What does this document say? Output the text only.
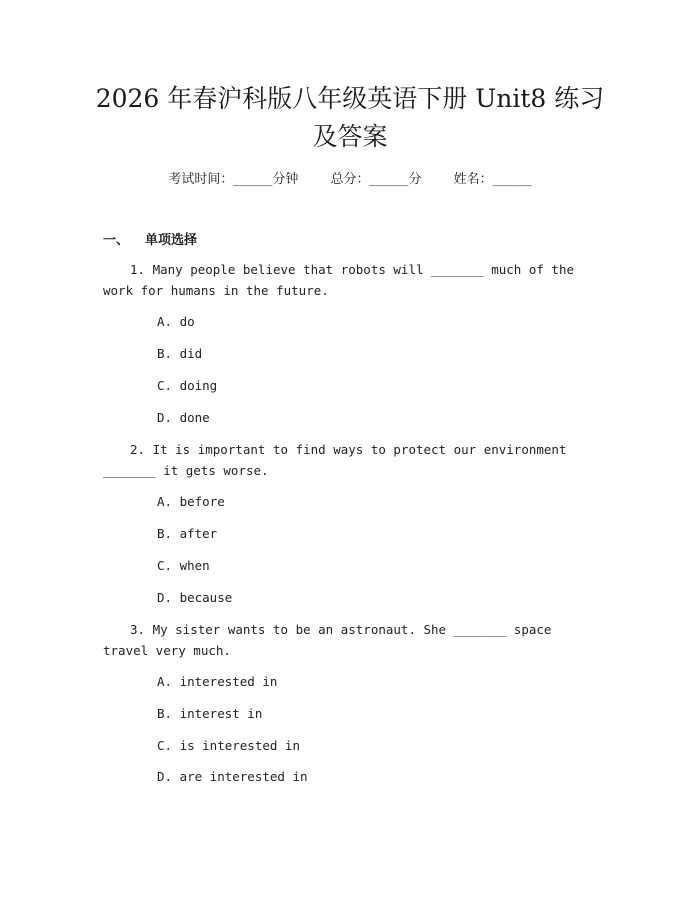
2026 年春沪科版八年级英语下册 Unit8 练习及答案
考试时间：______分钟 总分：______分 姓名：______
一、 单项选择
1. Many people believe that robots will _______ much of the work for humans in the future.
A. do
B. did
C. doing
D. done
2. It is important to find ways to protect our environment _______ it gets worse.
A. before
B. after
C. when
D. because
3. My sister wants to be an astronaut. She _______ space travel very much.
A. interested in
B. interest in
C. is interested in
D. are interested in
